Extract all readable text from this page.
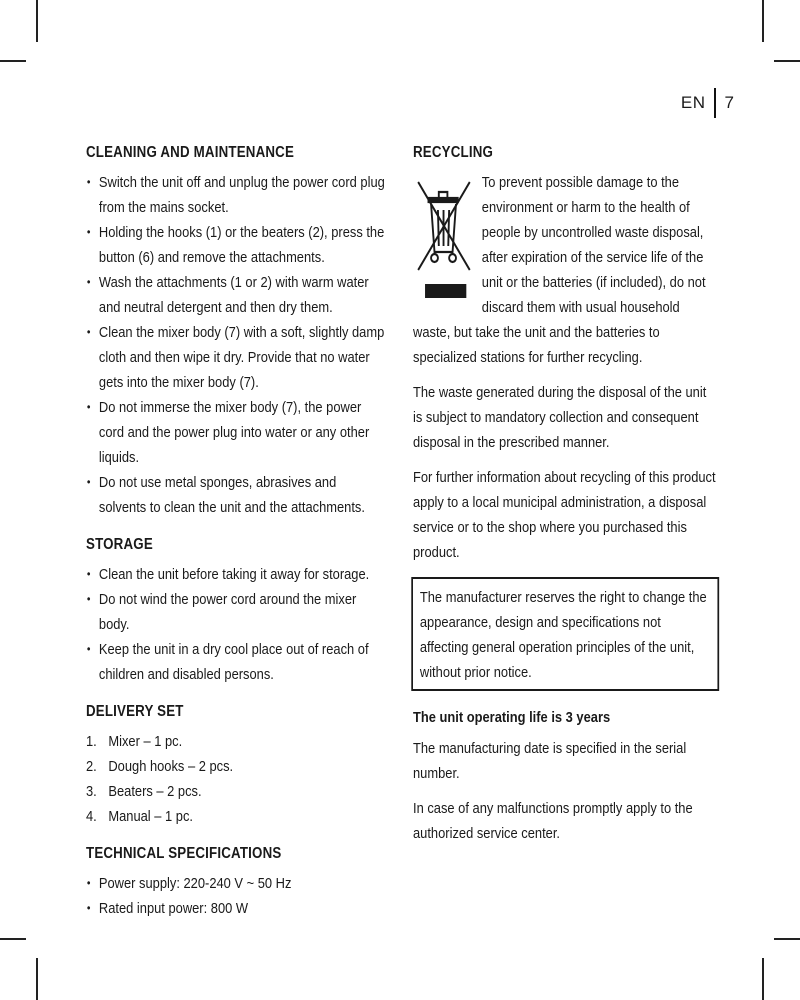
EN 7
CLEANING AND MAINTENANCE
• Switch the unit off and unplug the power cord plug from the mains socket.
• Holding the hooks (1) or the beaters (2), press the button (6) and remove the attachments.
• Wash the attachments (1 or 2) with warm water and neutral detergent and then dry them.
• Clean the mixer body (7) with a soft, slightly damp cloth and then wipe it dry. Provide that no water gets into the mixer body (7).
• Do not immerse the mixer body (7), the power cord and the power plug into water or any other liquids.
• Do not use metal sponges, abrasives and solvents to clean the unit and the attachments.
STORAGE
• Clean the unit before taking it away for storage.
• Do not wind the power cord around the mixer body.
• Keep the unit in a dry cool place out of reach of children and disabled persons.
DELIVERY SET
1. Mixer – 1 pc.
2. Dough hooks – 2 pcs.
3. Beaters – 2 pcs.
4. Manual – 1 pc.
TECHNICAL SPECIFICATIONS
• Power supply: 220-240 V ~ 50 Hz
• Rated input power: 800 W
RECYCLING

To prevent possible damage to the environment or harm to the health of people by uncontrolled waste disposal, after expiration of the service life of the unit or the batteries (if included), do not discard them with usual household waste, but take the unit and the batteries to specialized stations for further recycling.

The waste generated during the disposal of the unit is subject to mandatory collection and consequent disposal in the prescribed manner.

For further information about recycling of this product apply to a local municipal administration, a disposal service or to the shop where you purchased this product.

The manufacturer reserves the right to change the appearance, design and specifications not affecting general operation principles of the unit, without prior notice.

The unit operating life is 3 years

The manufacturing date is specified in the serial number.

In case of any malfunctions promptly apply to the authorized service center.
